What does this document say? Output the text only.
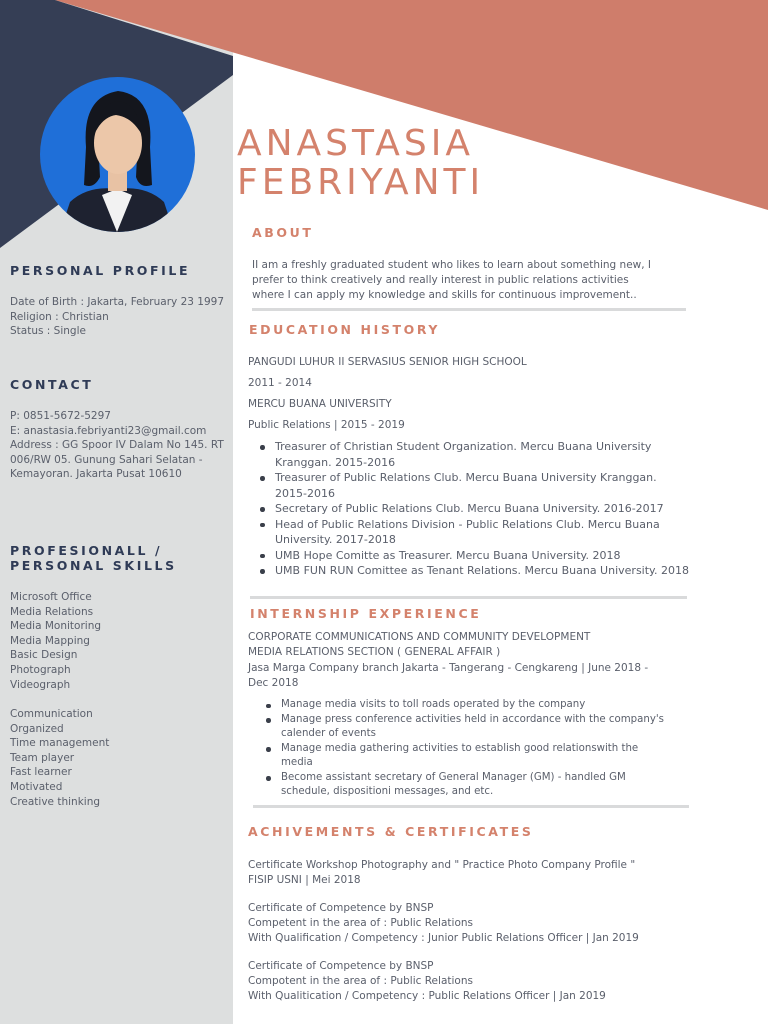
PERSONAL PROFILE

Date of Birth : Jakarta, February 23 1997

Religion : Christian

Status : Single

CONTACT

P: 0851-5672-5297

E: anastasia.febriyanti23@gmail.com

Address : GG Spoor IV Dalam No 145. RT
006/RW 05. Gunung Sahari Selatan -
Kemayoran. Jakarta Pusat 10610

PROFESIONALL /
PERSONAL SKILLS

Microsoft Office

Media Relations

Media Monitoring

Media Mapping

Basic Design

Photograph

Videograph

Communication

Organized

Time management

Team player

Fast learner

Motivated

Creative thinking

ANASTASIA
FEBRIYANTI
ABOUT

II am a freshly graduated student who likes to learn about something new, I

prefer to think creatively and really interest in public relations activities

where I can apply my knowledge and skills for continuous improvement..

EDUCATION HISTORY

PANGUDI LUHUR II SERVASIUS SENIOR HIGH SCHOOL

2011 - 2014

MERCU BUANA UNIVERSITY

Public Relations | 2015 - 2019

Treasurer of Christian Student Organization. Mercu Buana University Kranggan. 2015-2016
Treasurer of Public Relations Club. Mercu Buana University Kranggan. 2015-2016
Secretary of Public Relations Club. Mercu Buana University. 2016-2017
Head of Public Relations Division - Public Relations Club. Mercu Buana University. 2017-2018
UMB Hope Comitte as Treasurer. Mercu Buana University. 2018
UMB FUN RUN Comittee as Tenant Relations. Mercu Buana University. 2018
INTERNSHIP EXPERIENCE

CORPORATE COMMUNICATIONS AND COMMUNITY DEVELOPMENT

MEDIA RELATIONS SECTION ( GENERAL AFFAIR )

Jasa Marga Company branch Jakarta - Tangerang - Cengkareng | June 2018 - Dec 2018

Manage media visits to toll roads operated by the company
Manage press conference activities held in accordance with the company's calender of events
Manage media gathering activities to establish good relationswith the media
Become assistant secretary of General Manager (GM) - handled GM schedule, dispositioni messages, and etc.
ACHIVEMENTS & CERTIFICATES

Certificate Workshop Photography and " Practice Photo Company Profile "

FISIP USNI | Mei 2018

Certificate of Competence by BNSP

Competent in the area of : Public Relations

With Qualification / Competency : Junior Public Relations Officer | Jan 2019

Certificate of Competence by BNSP

Compotent in the area of : Public Relations

With Qualitication / Competency : Public Relations Officer | Jan 2019
